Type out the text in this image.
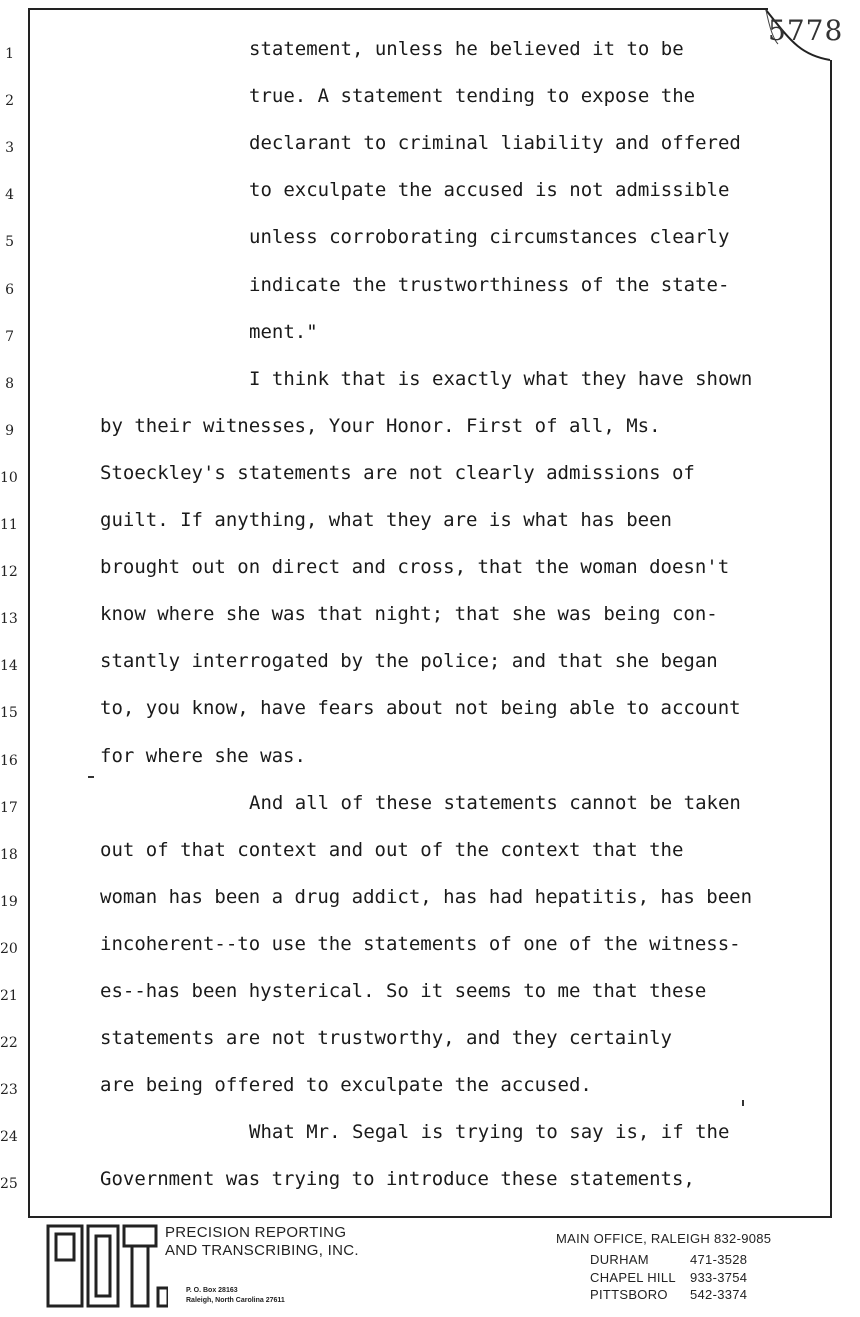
5778
1
2
3
4
5
6
7
8
9
10
11
12
13
14
15
16
17
18
19
20
21
22
23
24
25
statement, unless he believed it to be
true. A statement tending to expose the
declarant to criminal liability and offered
to exculpate the accused is not admissible
unless corroborating circumstances clearly
indicate the trustworthiness of the state-
ment."
I think that is exactly what they have shown
by their witnesses, Your Honor. First of all, Ms.
Stoeckley's statements are not clearly admissions of
guilt. If anything, what they are is what has been
brought out on direct and cross, that the woman doesn't
know where she was that night; that she was being con-
stantly interrogated by the police; and that she began
to, you know, have fears about not being able to account
for where she was.
And all of these statements cannot be taken
out of that context and out of the context that the
woman has been a drug addict, has had hepatitis, has been
incoherent--to use the statements of one of the witness-
es--has been hysterical. So it seems to me that these
statements are not trustworthy, and they certainly
are being offered to exculpate the accused.
What Mr. Segal is trying to say is, if the
Government was trying to introduce these statements,
PRECISION REPORTING
AND TRANSCRIBING, INC.
P. O. Box 28163
Raleigh, North Carolina 27611
MAIN OFFICE, RALEIGH 832-9085
DURHAM	471-3528
CHAPEL HILL 933-3754
PITTSBORO 542-3374
